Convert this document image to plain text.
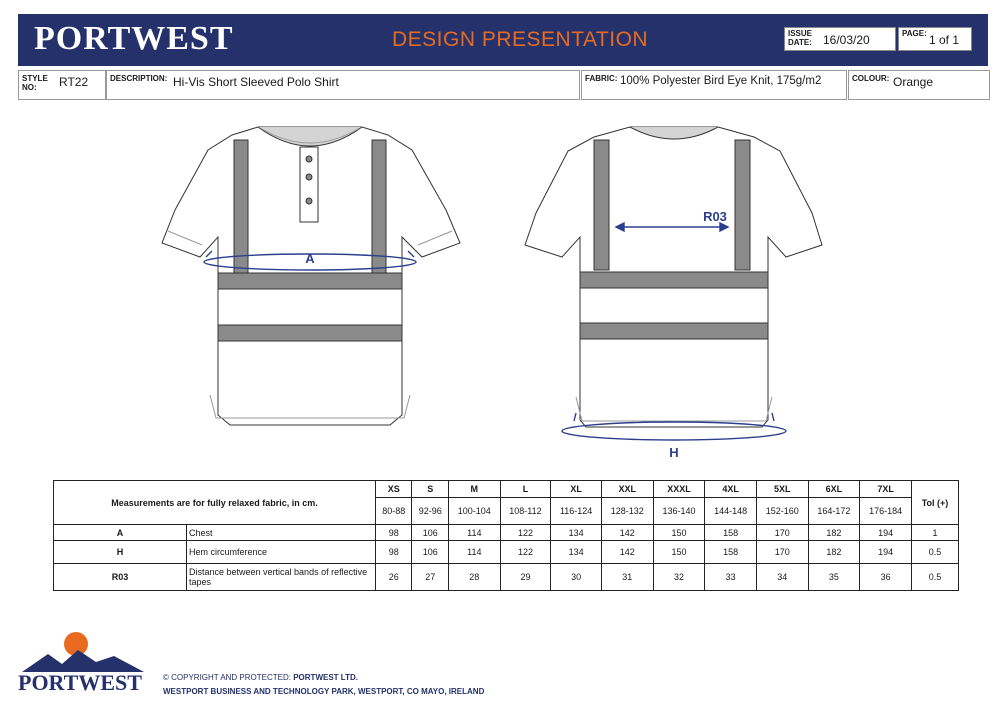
PORTWEST	DESIGN PRESENTATION	ISSUE DATE: 16/03/20	PAGE: 1 of 1
STYLE NO:	RT22	DESCRIPTION: Hi-Vis Short Sleeved Polo Shirt	FABRIC: 100% Polyester Bird Eye Knit, 175g/m2	COLOUR: Orange
A
R03
H
Measurements are for fully relaxed fabric, in cm.		XS	S	M	L	XL	XXL	XXXL	4XL	5XL	6XL	7XL	Tol (+)
		80-88	92-96	100-104	108-112	116-124	128-132	136-140	144-148	152-160	164-172	176-184	
A	Chest	98	106	114	122	134	142	150	158	170	182	194	1
H	Hem circumference	98	106	114	122	134	142	150	158	170	182	194	0.5
R03	Distance between vertical bands of reflective tapes	26	27	28	29	30	31	32	33	34	35	36	0.5
PORTWEST	© COPYRIGHT AND PROTECTED: PORTWEST LTD.
WESTPORT BUSINESS AND TECHNOLOGY PARK, WESTPORT, CO MAYO, IRELAND
